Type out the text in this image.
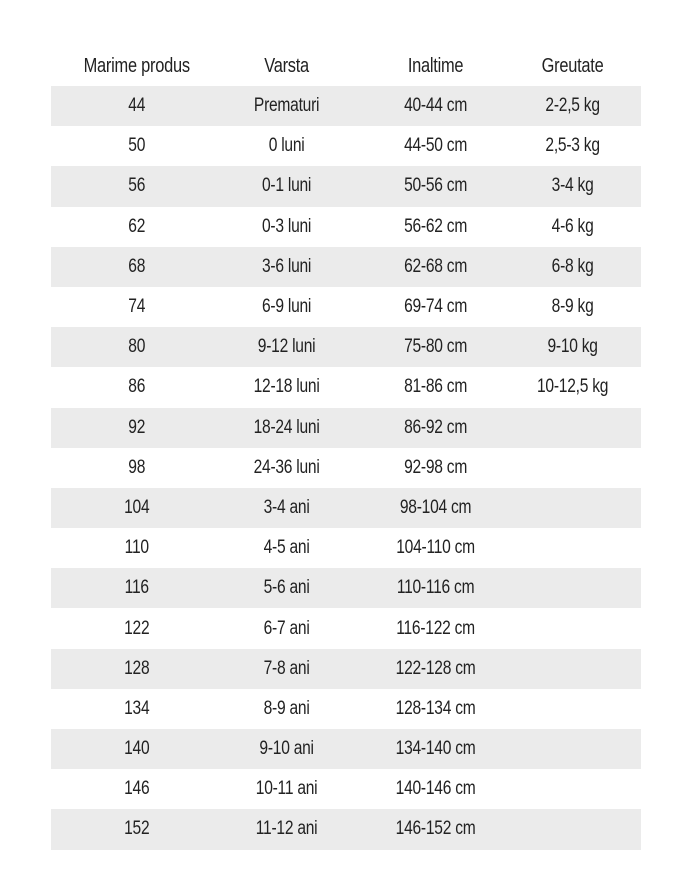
Marime produs	Varsta	Inaltime	Greutate
44	Prematuri	40-44 cm	2-2,5 kg
50	0 luni	44-50 cm	2,5-3 kg
56	0-1 luni	50-56 cm	3-4 kg
62	0-3 luni	56-62 cm	4-6 kg
68	3-6 luni	62-68 cm	6-8 kg
74	6-9 luni	69-74 cm	8-9 kg
80	9-12 luni	75-80 cm	9-10 kg
86	12-18 luni	81-86 cm	10-12,5 kg
92	18-24 luni	86-92 cm
98	24-36 luni	92-98 cm
104	3-4 ani	98-104 cm
110	4-5 ani	104-110 cm
116	5-6 ani	110-116 cm
122	6-7 ani	116-122 cm
128	7-8 ani	122-128 cm
134	8-9 ani	128-134 cm
140	9-10 ani	134-140 cm
146	10-11 ani	140-146 cm
152	11-12 ani	146-152 cm
